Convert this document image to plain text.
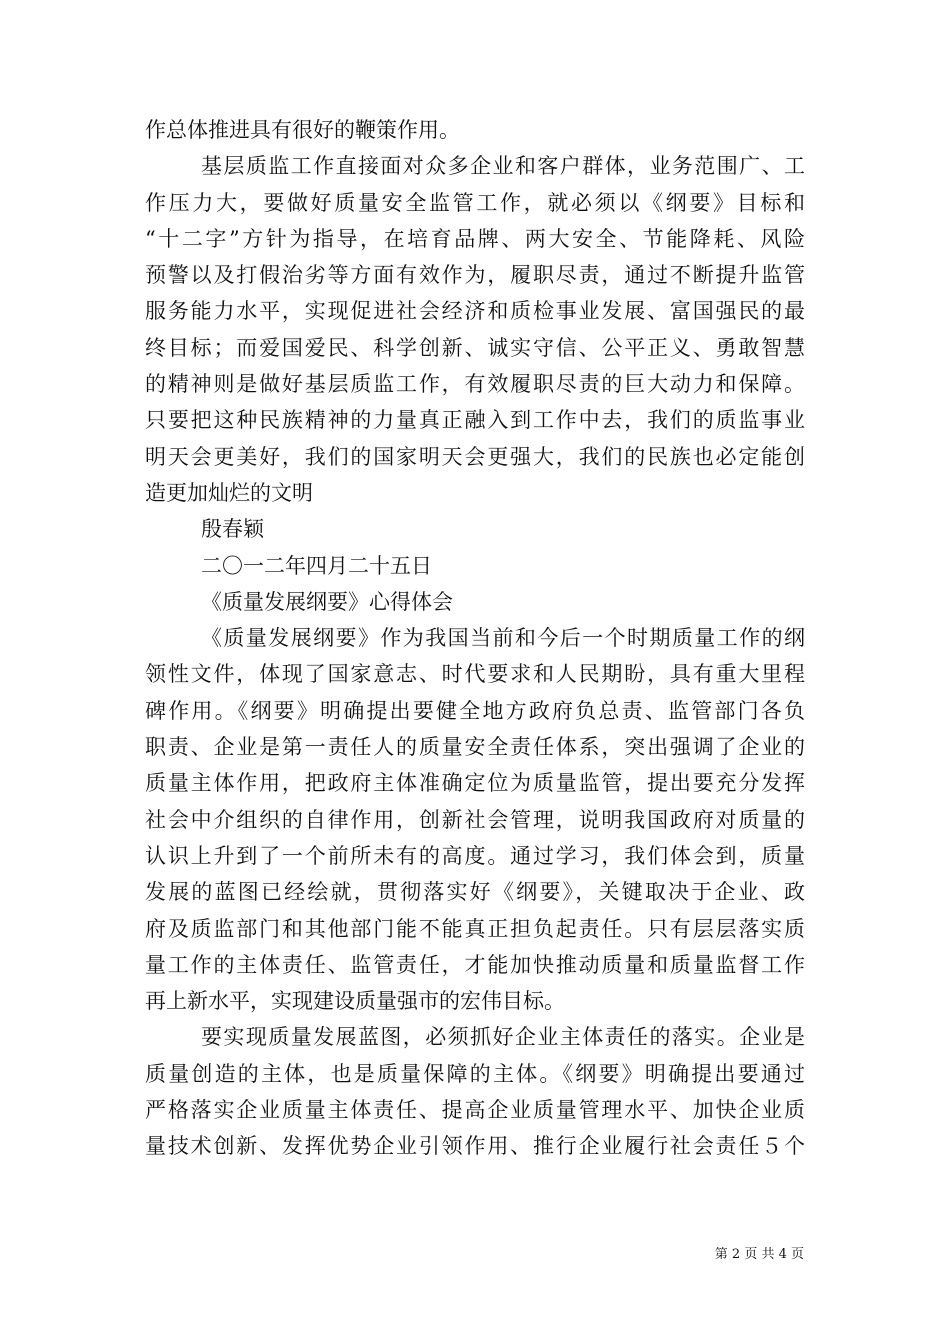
作总体推进具有很好的鞭策作用。
基层质监工作直接面对众多企业和客户群体，业务范围广、工
作压力大，要做好质量安全监管工作，就必须以《纲要》目标和
“十二字”方针为指导，在培育品牌、两大安全、节能降耗、风险
预警以及打假治劣等方面有效作为，履职尽责，通过不断提升监管
服务能力水平，实现促进社会经济和质检事业发展、富国强民的最
终目标；而爱国爱民、科学创新、诚实守信、公平正义、勇敢智慧
的精神则是做好基层质监工作，有效履职尽责的巨大动力和保障。
只要把这种民族精神的力量真正融入到工作中去，我们的质监事业
明天会更美好，我们的国家明天会更强大，我们的民族也必定能创
造更加灿烂的文明
殷春颖
二〇一二年四月二十五日
《质量发展纲要》心得体会
《质量发展纲要》作为我国当前和今后一个时期质量工作的纲
领性文件，体现了国家意志、时代要求和人民期盼，具有重大里程
碑作用。《纲要》明确提出要健全地方政府负总责、监管部门各负
职责、企业是第一责任人的质量安全责任体系，突出强调了企业的
质量主体作用，把政府主体准确定位为质量监管，提出要充分发挥
社会中介组织的自律作用，创新社会管理，说明我国政府对质量的
认识上升到了一个前所未有的高度。通过学习，我们体会到，质量
发展的蓝图已经绘就，贯彻落实好《纲要》，关键取决于企业、政
府及质监部门和其他部门能不能真正担负起责任。只有层层落实质
量工作的主体责任、监管责任，才能加快推动质量和质量监督工作
再上新水平，实现建设质量强市的宏伟目标。
要实现质量发展蓝图，必须抓好企业主体责任的落实。企业是
质量创造的主体，也是质量保障的主体。《纲要》明确提出要通过
严格落实企业质量主体责任、提高企业质量管理水平、加快企业质
量技术创新、发挥优势企业引领作用、推行企业履行社会责任５个
第 2 页 共 4 页
